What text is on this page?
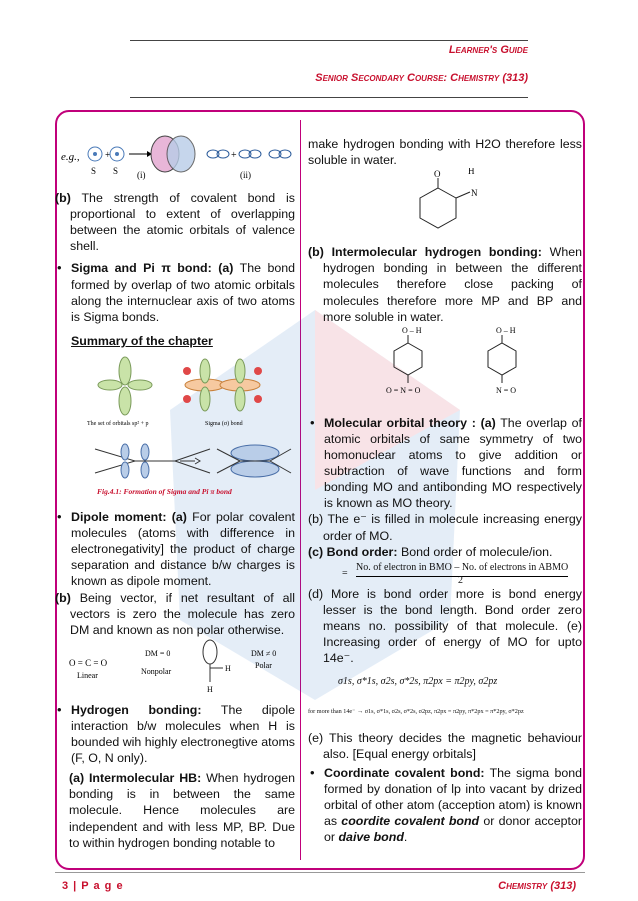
Learner's Guide
Senior Secondary Course: Chemistry (313)
e.g.,	+
S S (i)
+
(ii)

(b) The strength of covalent bond is proportional to extent of overlapping between the atomic orbitals of valence shell.

• Sigma and Pi π bond: (a) The bond formed by overlap of two atomic orbitals along the internuclear axis of two atoms is Sigma bonds.

Summary of the chapter

The set of orbitals sp² + p	Sigma (σ) bond
Fig.4.1: Formation of Sigma and Pi π bond

• Dipole moment: (a) For polar covalent molecules (atoms with difference in electronegativity] the product of charge separation and distance b/w charges is known as dipole moment.

(b) Being vector, if net resultant of all vectors is zero the molecule has zero DM and known as non polar otherwise.

O = C = O
Linear
DM = 0
Nonpolar	H
H
DM ≠ 0
Polar

• Hydrogen bonding: The dipole interaction b/w molecules when H is bounded wih highly electronegtive atoms (F, O, N only).

(a) Intermolecular HB: When hydrogen bonding is in between the same molecule. Hence molecules are independent and with less MP, BP. Due to within hydrogen bonding notable to

make hydrogen bonding with H2O therefore less soluble in water.

O	H
N

(b) Intermolecular hydrogen bonding: When hydrogen bonding in between the different molecules therefore close packing of molecules therefore more MP and BP and more soluble in water.

O – H	O – H
O = N = O	N = O

• Molecular orbital theory : (a) The overlap of atomic orbitals of same symmetry of two homonuclear atoms to give addition or subtraction of wave functions and form bonding MO and antibonding MO respectively is known as MO theory.

(b) The e⁻ is filled in molecule increasing energy order of MO.

(c) Bond order: Bond order of molecule/ion.

=
No. of electron in BMO – No. of electrons in ABMO
2

(d) More is bond order more is bond energy lesser is the bond length. Bond order zero means no. possibility of that molecule. (e) Increasing order of energy of MO for upto 14e⁻.

σ1s, σ*1s, σ2s, σ*2s, π2px = π2py, σ2pz
for more than 14e⁻ → σ1s, σ*1s, σ2s, σ*2s, σ2pz, π2px = π2py, π*2px = π*2py, σ*2pz

(e) This theory decides the magnetic behaviour also. [Equal energy orbitals]

• Coordinate covalent bond: The sigma bond formed by donation of lp into vacant by drized orbital of other atom (acception atom) is known as coordite covalent bond or donor acceptor or daive bond.

3 | P a g e	Chemistry (313)
